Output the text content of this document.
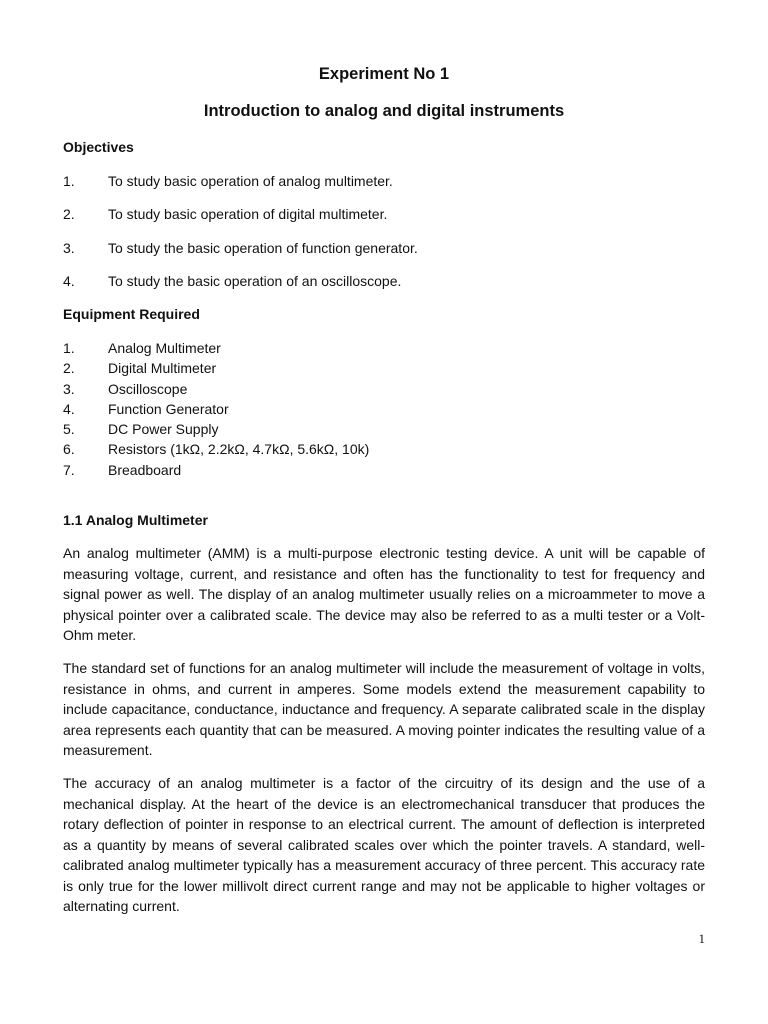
Experiment No 1
Introduction to analog and digital instruments
Objectives
1. To study basic operation of analog multimeter.
2. To study basic operation of digital multimeter.
3. To study the basic operation of function generator.
4. To study the basic operation of an oscilloscope.
Equipment Required
1. Analog Multimeter
2. Digital Multimeter
3. Oscilloscope
4. Function Generator
5. DC Power Supply
6. Resistors (1kΩ, 2.2kΩ, 4.7kΩ, 5.6kΩ, 10k)
7. Breadboard
1.1 Analog Multimeter

An analog multimeter (AMM) is a multi-purpose electronic testing device. A unit will be capable of measuring voltage, current, and resistance and often has the functionality to test for frequency and signal power as well. The display of an analog multimeter usually relies on a microammeter to move a physical pointer over a calibrated scale. The device may also be referred to as a multi tester or a Volt-Ohm meter.

The standard set of functions for an analog multimeter will include the measurement of voltage in volts, resistance in ohms, and current in amperes. Some models extend the measurement capability to include capacitance, conductance, inductance and frequency. A separate calibrated scale in the display area represents each quantity that can be measured. A moving pointer indicates the resulting value of a measurement.

The accuracy of an analog multimeter is a factor of the circuitry of its design and the use of a mechanical display. At the heart of the device is an electromechanical transducer that produces the rotary deflection of pointer in response to an electrical current. The amount of deflection is interpreted as a quantity by means of several calibrated scales over which the pointer travels. A standard, well-calibrated analog multimeter typically has a measurement accuracy of three percent. This accuracy rate is only true for the lower millivolt direct current range and may not be applicable to higher voltages or alternating current.

1
